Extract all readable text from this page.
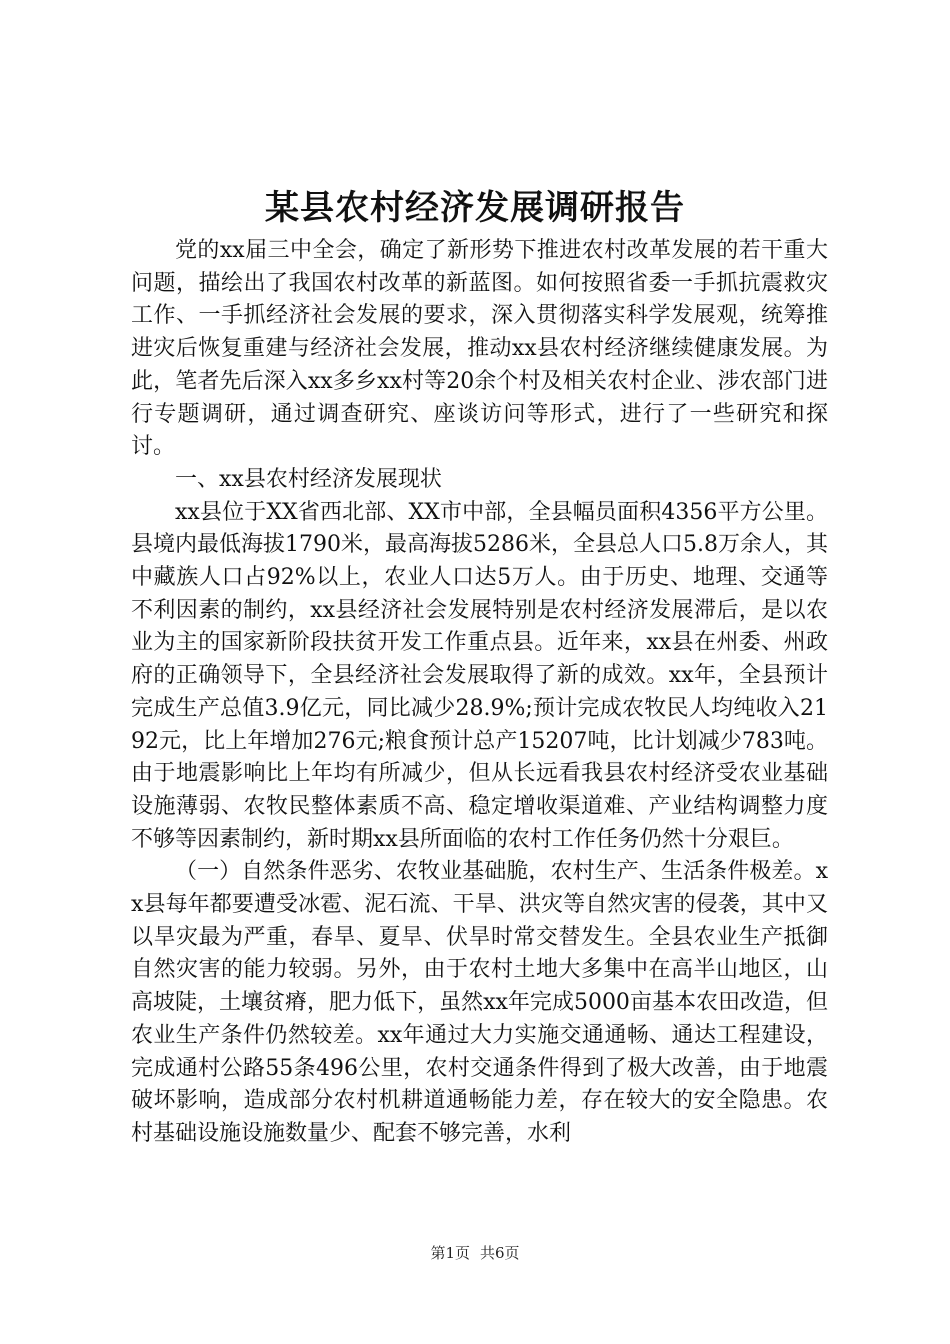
某县农村经济发展调研报告

党的xx届三中全会，确定了新形势下推进农村改革发展的若干重大问题，描绘出了我国农村改革的新蓝图。如何按照省委一手抓抗震救灾工作、一手抓经济社会发展的要求，深入贯彻落实科学发展观，统筹推进灾后恢复重建与经济社会发展，推动xx县农村经济继续健康发展。为此，笔者先后深入xx多乡xx村等20余个村及相关农村企业、涉农部门进行专题调研，通过调查研究、座谈访问等形式，进行了一些研究和探讨。

一、xx县农村经济发展现状

xx县位于XX省西北部、XX市中部，全县幅员面积4356平方公里。县境内最低海拔1790米，最高海拔5286米，全县总人口5.8万余人，其中藏族人口占92%以上，农业人口达5万人。由于历史、地理、交通等不利因素的制约，xx县经济社会发展特别是农村经济发展滞后，是以农业为主的国家新阶段扶贫开发工作重点县。近年来，xx县在州委、州政府的正确领导下，全县经济社会发展取得了新的成效。xx年，全县预计完成生产总值3.9亿元，同比减少28.9%;预计完成农牧民人均纯收入2192元，比上年增加276元;粮食预计总产15207吨，比计划减少783吨。由于地震影响比上年均有所减少，但从长远看我县农村经济受农业基础设施薄弱、农牧民整体素质不高、稳定增收渠道难、产业结构调整力度不够等因素制约，新时期xx县所面临的农村工作任务仍然十分艰巨。

（一）自然条件恶劣、农牧业基础脆，农村生产、生活条件极差。xx县每年都要遭受冰雹、泥石流、干旱、洪灾等自然灾害的侵袭，其中又以旱灾最为严重，春旱、夏旱、伏旱时常交替发生。全县农业生产抵御自然灾害的能力较弱。另外，由于农村土地大多集中在高半山地区，山高坡陡，土壤贫瘠，肥力低下，虽然xx年完成5000亩基本农田改造，但农业生产条件仍然较差。xx年通过大力实施交通通畅、通达工程建设，完成通村公路55条496公里，农村交通条件得到了极大改善，由于地震破坏影响，造成部分农村机耕道通畅能力差，存在较大的安全隐患。农村基础设施设施数量少、配套不够完善，水利

第1页 共6页
